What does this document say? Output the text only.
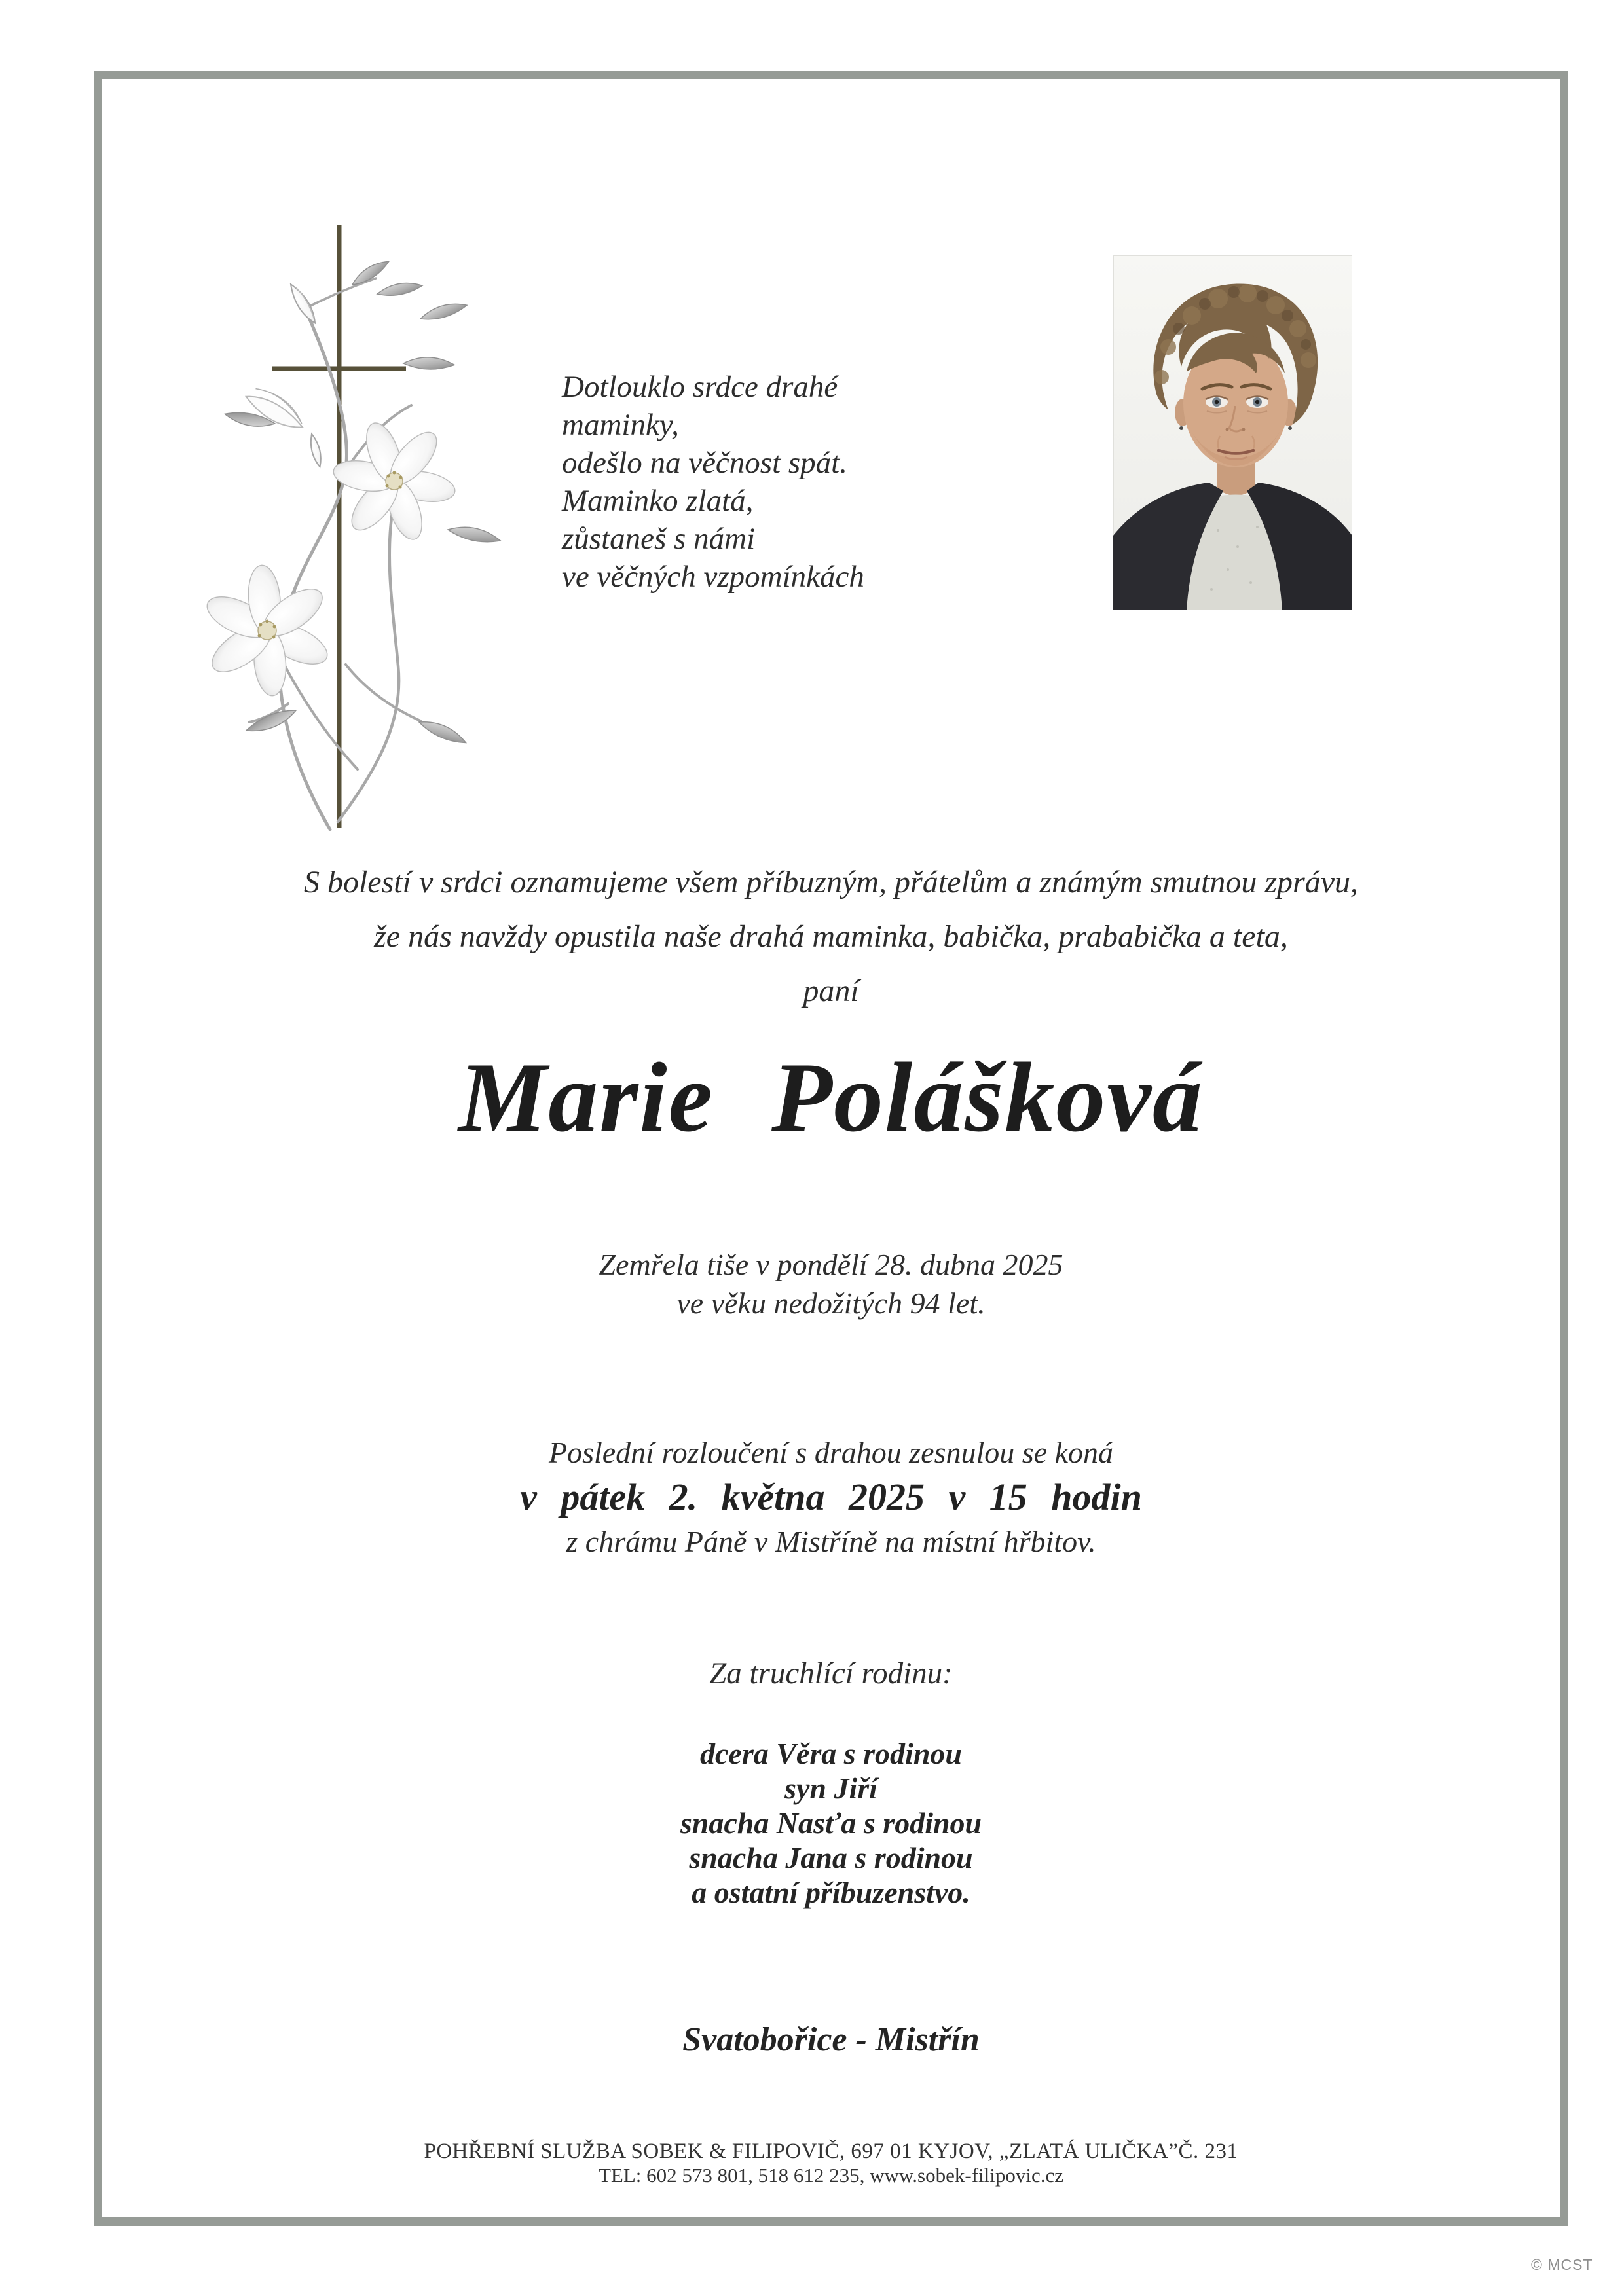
Dotlouklo srdce drahé
maminky,
odešlo na věčnost spát.
Maminko zlatá,
zůstaneš s námi
ve věčných vzpomínkách
S bolestí v srdci oznamujeme všem příbuzným, přátelům a známým smutnou zprávu,
že nás navždy opustila naše drahá maminka, babička, prababička a teta,
paní
Marie Polášková
Zemřela tiše v pondělí 28. dubna 2025
ve věku nedožitých 94 let.
Poslední rozloučení s drahou zesnulou se koná
v pátek 2. května 2025 v 15 hodin
z chrámu Páně v Mistříně na místní hřbitov.
Za truchlící rodinu:
dcera Věra s rodinou
syn Jiří
snacha Nasťa s rodinou
snacha Jana s rodinou
a ostatní příbuzenstvo.
Svatobořice - Mistřín
POHŘEBNÍ SLUŽBA SOBEK & FILIPOVIČ, 697 01 KYJOV, „ZLATÁ ULIČKA”Č. 231
TEL: 602 573 801, 518 612 235, www.sobek-filipovic.cz
© MCST
